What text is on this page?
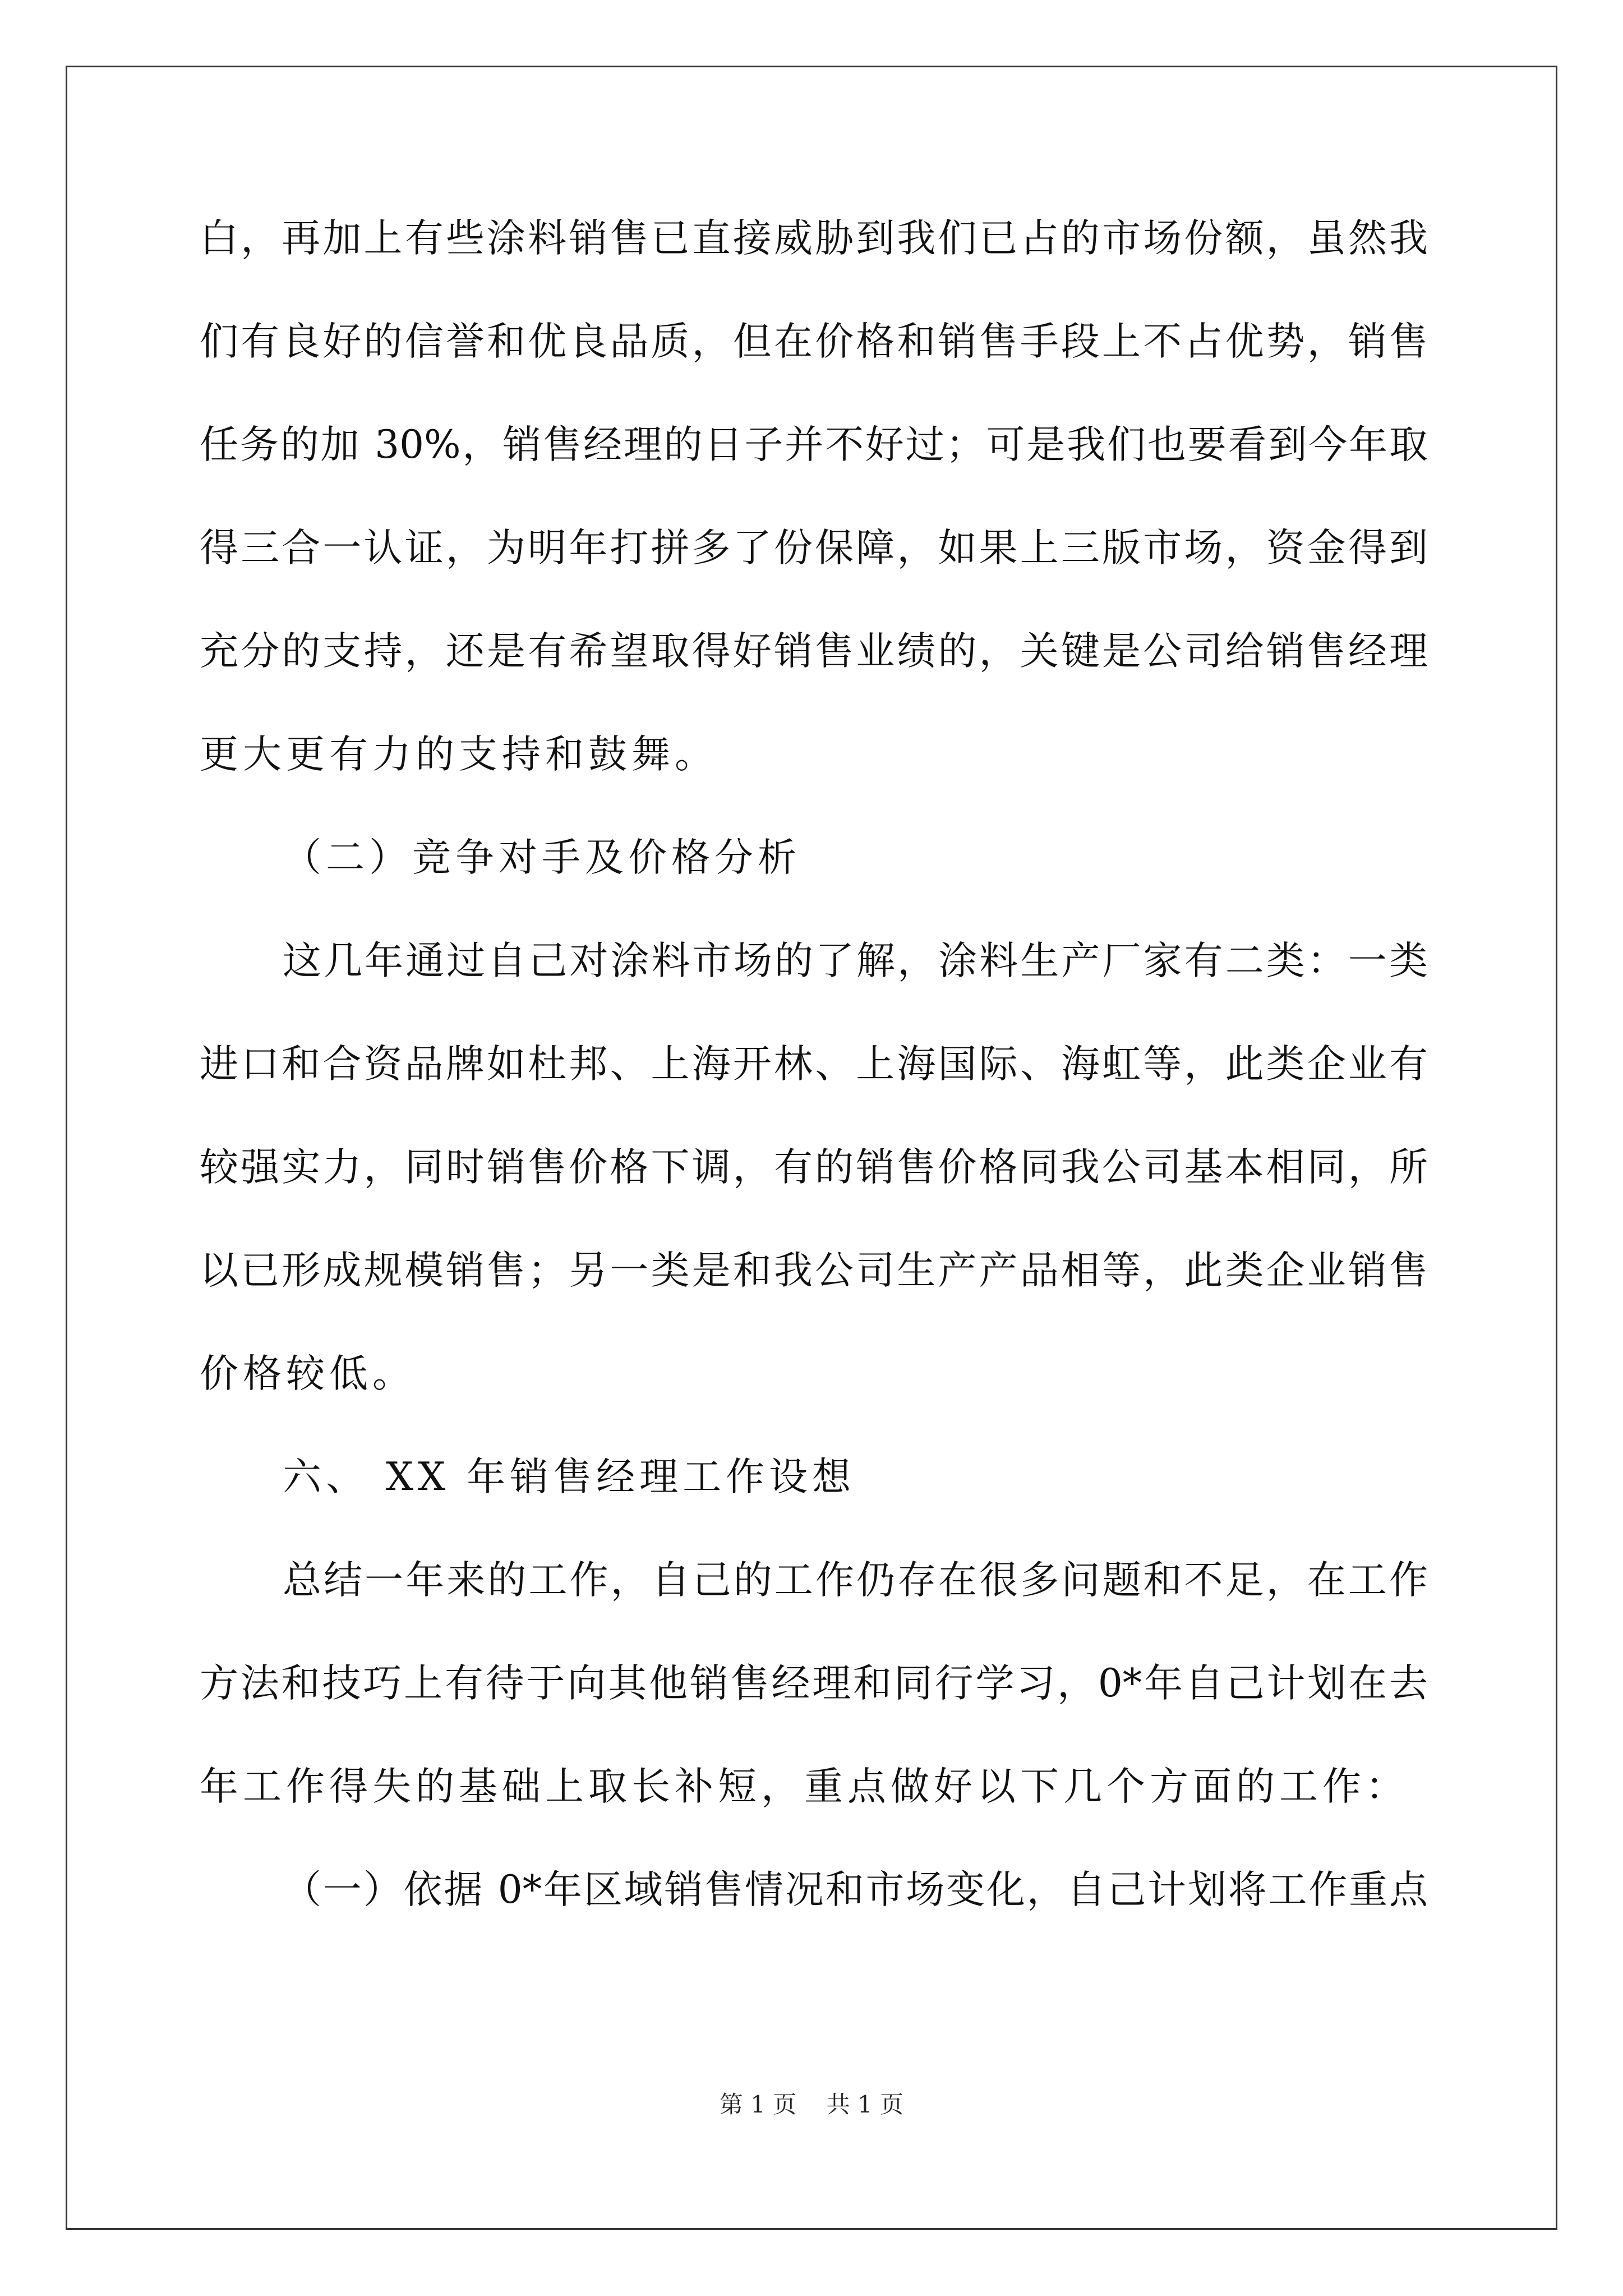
白，再加上有些涂料销售已直接威胁到我们已占的市场份额，虽然我
们有良好的信誉和优良品质，但在价格和销售手段上不占优势，销售
任务的加 30%，销售经理的日子并不好过；可是我们也要看到今年取
得三合一认证，为明年打拼多了份保障，如果上三版市场，资金得到
充分的支持，还是有希望取得好销售业绩的，关键是公司给销售经理
更大更有力的支持和鼓舞。
（二）竞争对手及价格分析
这几年通过自己对涂料市场的了解，涂料生产厂家有二类：一类
进口和合资品牌如杜邦、上海开林、上海国际、海虹等，此类企业有
较强实力，同时销售价格下调，有的销售价格同我公司基本相同，所
以已形成规模销售；另一类是和我公司生产产品相等，此类企业销售
价格较低。
六、 XX 年销售经理工作设想
总结一年来的工作，自己的工作仍存在很多问题和不足，在工作
方法和技巧上有待于向其他销售经理和同行学习，0*年自己计划在去
年工作得失的基础上取长补短，重点做好以下几个方面的工作：
（一）依据 0*年区域销售情况和市场变化，自己计划将工作重点
第 1 页    共 1 页
